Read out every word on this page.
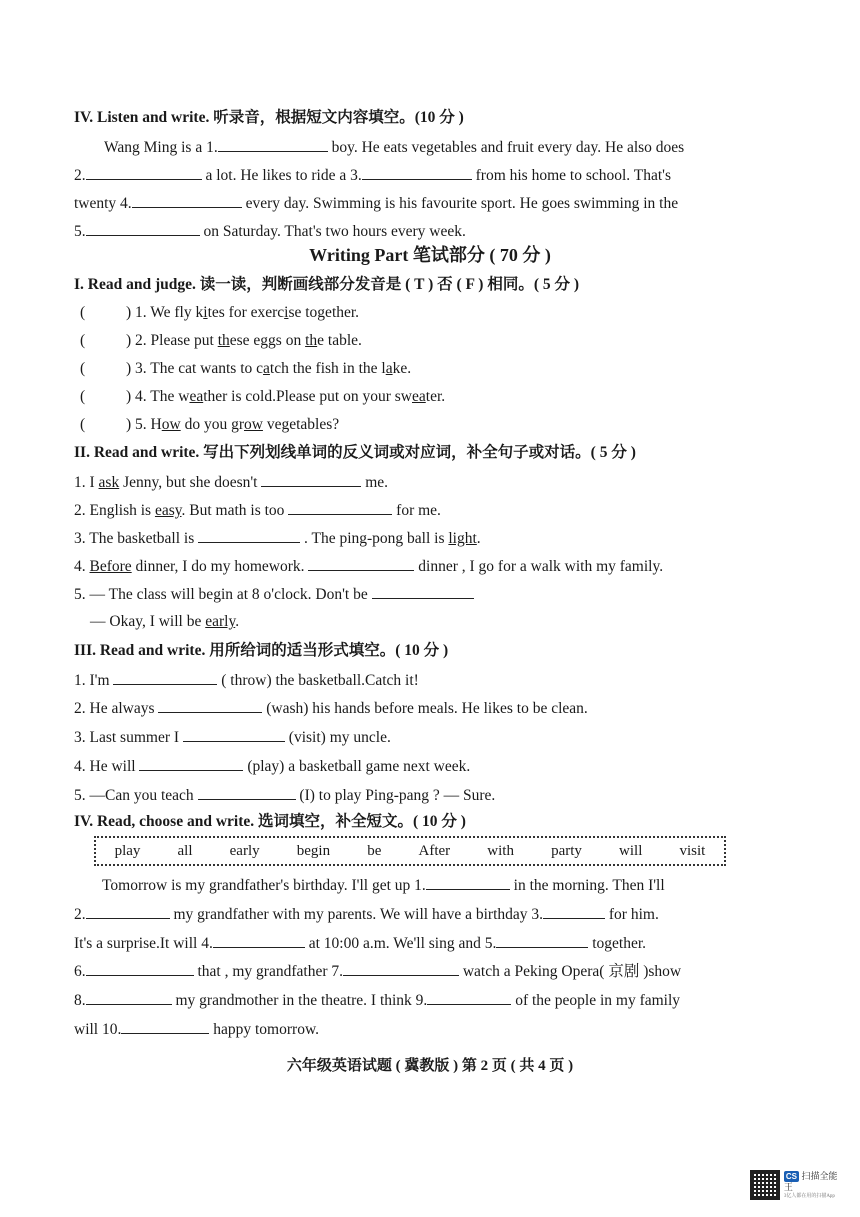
IV. Listen and write. 听录音，根据短文内容填空。(10 分 )
Wang Ming is a 1.	boy. He eats vegetables and fruit every day. He also does
2.	a lot. He likes to ride a 3.	from his home to school. That's
twenty 4.	every day. Swimming is his favourite sport. He goes swimming in the
5.	on Saturday. That's two hours every week.
Writing Part 笔试部分 ( 70 分 )
I. Read and judge. 读一读，判断画线部分发音是 ( T ) 否 ( F ) 相同。( 5 分 )
(	) 1. We fly kites for exercise together.
(	) 2. Please put these eggs on the table.
(	) 3. The cat wants to catch the fish in the lake.
(	) 4. The weather is cold.Please put on your sweater.
(	) 5. How do you grow vegetables?
II. Read and write. 写出下列划线单词的反义词或对应词，补全句子或对话。( 5 分 )
1. I ask Jenny, but she doesn't	me.
2. English is easy. But math is too	for me.
3. The basketball is	. The ping-pong ball is light.
4. Before dinner, I do my homework.	dinner , I go for a walk with my family.
5. — The class will begin at 8 o'clock. Don't be
— Okay, I will be early.
III. Read and write. 用所给词的适当形式填空。( 10 分 )
1. I'm	( throw) the basketball.Catch it!
2. He always	(wash) his hands before meals. He likes to be clean.
3. Last summer I	(visit) my uncle.
4. He will	(play) a basketball game next week.
5. —Can you teach	(I) to play Ping-pang ? — Sure.
IV. Read, choose and write. 选词填空，补全短文。( 10 分 )
play all early begin be After with party will visit
Tomorrow is my grandfather's birthday. I'll get up 1.	in the morning. Then I'll
2.	my grandfather with my parents. We will have a birthday 3.	for him.
It's a surprise.It will 4.	at 10:00 a.m. We'll sing and 5.	together.
6.	that , my grandfather 7.	watch a Peking Opera( 京剧 )show
8.	my grandmother in the theatre. I think 9.	of the people in my family
will 10.	happy tomorrow.
六年级英语试题 ( 冀教版 ) 第 2 页 ( 共 4 页 )
CS 扫描全能王
3亿人都在用的扫描App
